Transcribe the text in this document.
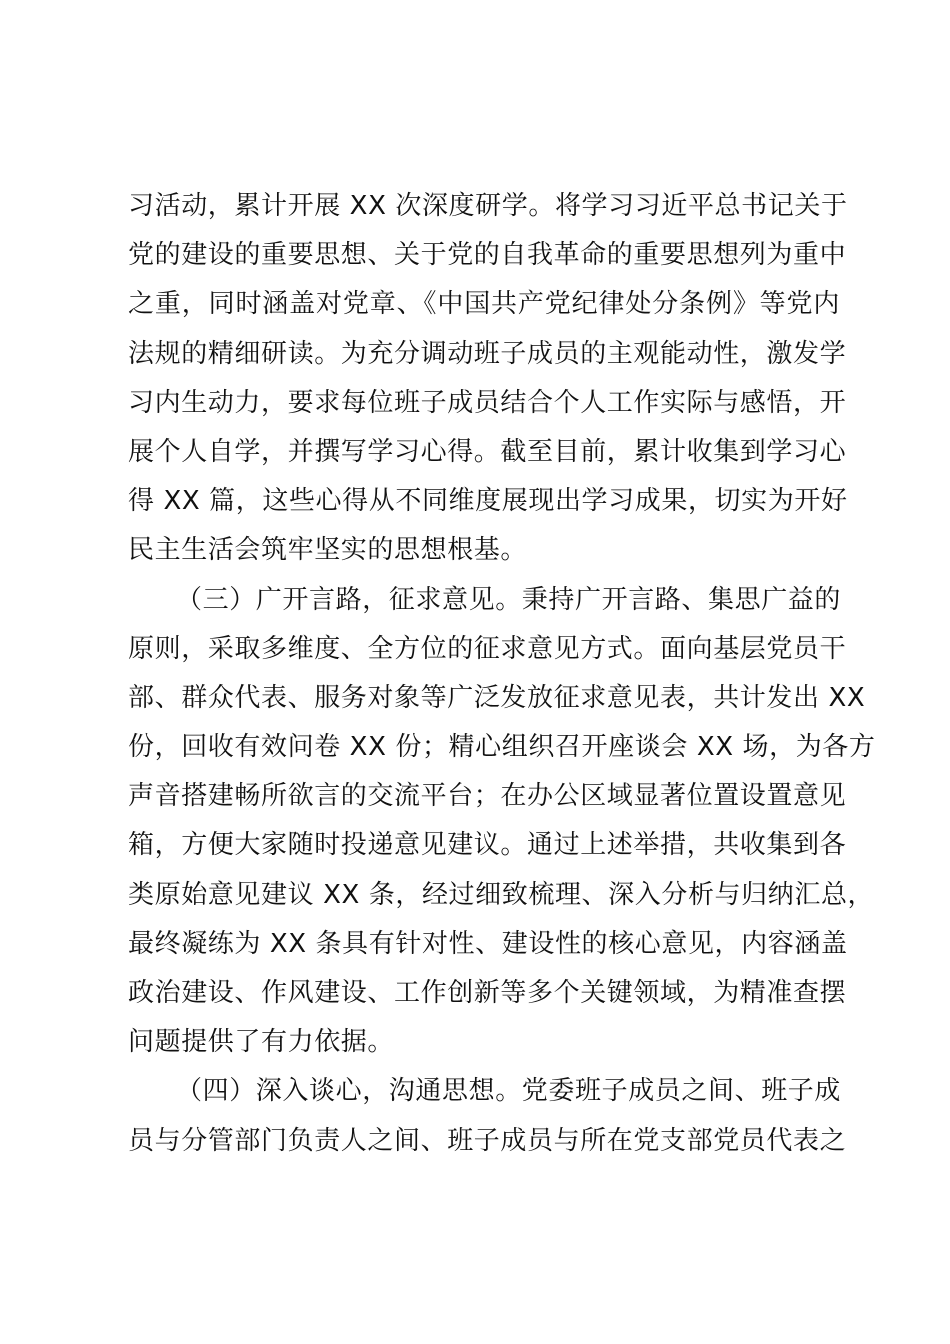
习活动，累计开展 XX 次深度研学。将学习习近平总书记关于
党的建设的重要思想、关于党的自我革命的重要思想列为重中
之重，同时涵盖对党章、《中国共产党纪律处分条例》等党内
法规的精细研读。为充分调动班子成员的主观能动性，激发学
习内生动力，要求每位班子成员结合个人工作实际与感悟，开
展个人自学，并撰写学习心得。截至目前，累计收集到学习心
得 XX 篇，这些心得从不同维度展现出学习成果，切实为开好
民主生活会筑牢坚实的思想根基。
（三）广开言路，征求意见。秉持广开言路、集思广益的
原则，采取多维度、全方位的征求意见方式。面向基层党员干
部、群众代表、服务对象等广泛发放征求意见表，共计发出 XX
份，回收有效问卷 XX 份；精心组织召开座谈会 XX 场，为各方
声音搭建畅所欲言的交流平台；在办公区域显著位置设置意见
箱，方便大家随时投递意见建议。通过上述举措，共收集到各
类原始意见建议 XX 条，经过细致梳理、深入分析与归纳汇总，
最终凝练为 XX 条具有针对性、建设性的核心意见，内容涵盖
政治建设、作风建设、工作创新等多个关键领域，为精准查摆
问题提供了有力依据。
（四）深入谈心，沟通思想。党委班子成员之间、班子成
员与分管部门负责人之间、班子成员与所在党支部党员代表之
